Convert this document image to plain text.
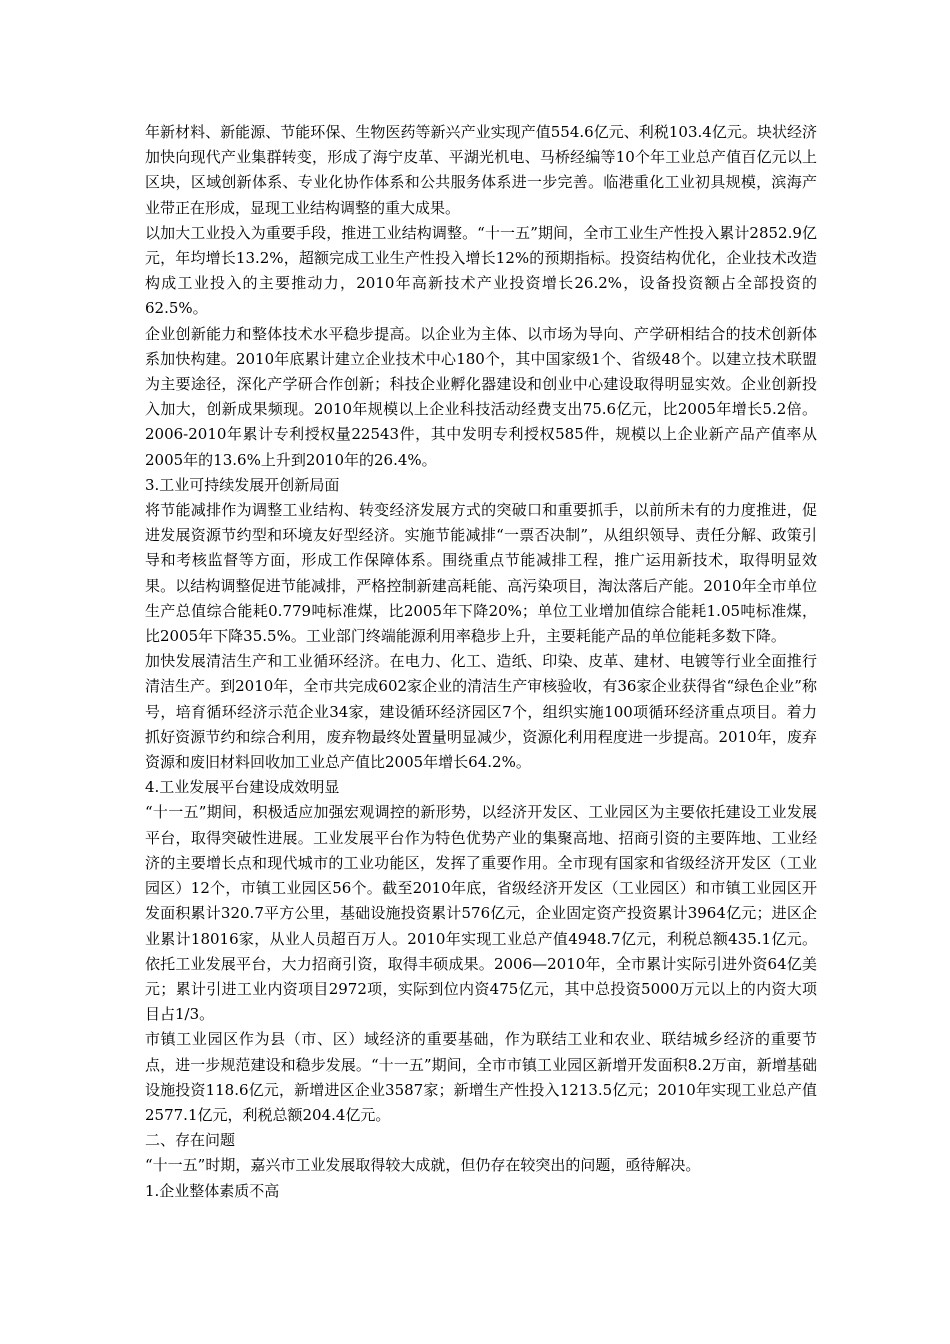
年新材料、新能源、节能环保、生物医药等新兴产业实现产值554.6亿元、利税103.4亿元。块状经济加快向现代产业集群转变，形成了海宁皮革、平湖光机电、马桥经编等10个年工业总产值百亿元以上区块，区域创新体系、专业化协作体系和公共服务体系进一步完善。临港重化工业初具规模，滨海产业带正在形成，显现工业结构调整的重大成果。

以加大工业投入为重要手段，推进工业结构调整。“十一五”期间，全市工业生产性投入累计2852.9亿元，年均增长13.2%，超额完成工业生产性投入增长12%的预期指标。投资结构优化，企业技术改造构成工业投入的主要推动力，2010年高新技术产业投资增长26.2%，设备投资额占全部投资的62.5%。

企业创新能力和整体技术水平稳步提高。以企业为主体、以市场为导向、产学研相结合的技术创新体系加快构建。2010年底累计建立企业技术中心180个，其中国家级1个、省级48个。以建立技术联盟为主要途径，深化产学研合作创新；科技企业孵化器建设和创业中心建设取得明显实效。企业创新投入加大，创新成果频现。2010年规模以上企业科技活动经费支出75.6亿元，比2005年增长5.2倍。2006-2010年累计专利授权量22543件，其中发明专利授权585件，规模以上企业新产品产值率从2005年的13.6%上升到2010年的26.4%。

3.工业可持续发展开创新局面

将节能减排作为调整工业结构、转变经济发展方式的突破口和重要抓手，以前所未有的力度推进，促进发展资源节约型和环境友好型经济。实施节能减排“一票否决制”，从组织领导、责任分解、政策引导和考核监督等方面，形成工作保障体系。围绕重点节能减排工程，推广运用新技术，取得明显效果。以结构调整促进节能减排，严格控制新建高耗能、高污染项目，淘汰落后产能。2010年全市单位生产总值综合能耗0.779吨标准煤，比2005年下降20%；单位工业增加值综合能耗1.05吨标准煤，比2005年下降35.5%。工业部门终端能源利用率稳步上升，主要耗能产品的单位能耗多数下降。

加快发展清洁生产和工业循环经济。在电力、化工、造纸、印染、皮革、建材、电镀等行业全面推行清洁生产。到2010年，全市共完成602家企业的清洁生产审核验收，有36家企业获得省“绿色企业”称号，培育循环经济示范企业34家，建设循环经济园区7个，组织实施100项循环经济重点项目。着力抓好资源节约和综合利用，废弃物最终处置量明显减少，资源化利用程度进一步提高。2010年，废弃资源和废旧材料回收加工业总产值比2005年增长64.2%。

4.工业发展平台建设成效明显

“十一五”期间，积极适应加强宏观调控的新形势，以经济开发区、工业园区为主要依托建设工业发展平台，取得突破性进展。工业发展平台作为特色优势产业的集聚高地、招商引资的主要阵地、工业经济的主要增长点和现代城市的工业功能区，发挥了重要作用。全市现有国家和省级经济开发区（工业园区）12个，市镇工业园区56个。截至2010年底，省级经济开发区（工业园区）和市镇工业园区开发面积累计320.7平方公里，基础设施投资累计576亿元，企业固定资产投资累计3964亿元；进区企业累计18016家，从业人员超百万人。2010年实现工业总产值4948.7亿元，利税总额435.1亿元。依托工业发展平台，大力招商引资，取得丰硕成果。2006—2010年，全市累计实际引进外资64亿美元；累计引进工业内资项目2972项，实际到位内资475亿元，其中总投资5000万元以上的内资大项目占1/3。

市镇工业园区作为县（市、区）域经济的重要基础，作为联结工业和农业、联结城乡经济的重要节点，进一步规范建设和稳步发展。“十一五”期间，全市市镇工业园区新增开发面积8.2万亩，新增基础设施投资118.6亿元，新增进区企业3587家；新增生产性投入1213.5亿元；2010年实现工业总产值2577.1亿元，利税总额204.4亿元。

二、存在问题

“十一五”时期，嘉兴市工业发展取得较大成就，但仍存在较突出的问题，亟待解决。

1.企业整体素质不高
